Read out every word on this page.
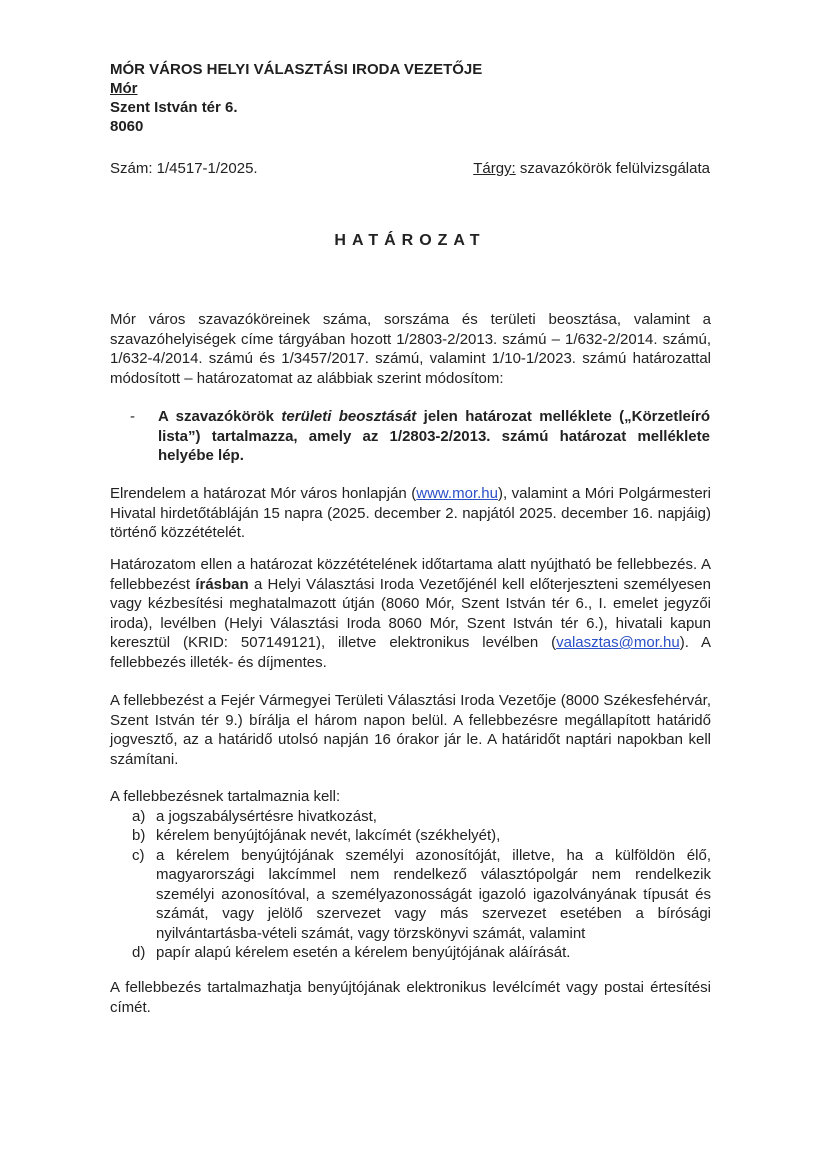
MÓR VÁROS HELYI VÁLASZTÁSI IRODA VEZETŐJE
Mór
Szent István tér 6.
8060
Szám: 1/4517-1/2025.	Tárgy: szavazókörök felülvizsgálata
HATÁROZAT
Mór város szavazóköreinek száma, sorszáma és területi beosztása, valamint a szavazóhelyiségek címe tárgyában hozott 1/2803-2/2013. számú – 1/632-2/2014. számú, 1/632-4/2014. számú és 1/3457/2017. számú, valamint 1/10-1/2023. számú határozattal módosított – határozatomat az alábbiak szerint módosítom:
- A szavazókörök területi beosztását jelen határozat melléklete („Körzetleíró lista”) tartalmazza, amely az 1/2803-2/2013. számú határozat melléklete helyébe lép.
Elrendelem a határozat Mór város honlapján (www.mor.hu), valamint a Móri Polgármesteri Hivatal hirdetőtábláján 15 napra (2025. december 2. napjától 2025. december 16. napjáig) történő közzétételét.
Határozatom ellen a határozat közzétételének időtartama alatt nyújtható be fellebbezés. A fellebbezést írásban a Helyi Választási Iroda Vezetőjénél kell előterjeszteni személyesen vagy kézbesítési meghatalmazott útján (8060 Mór, Szent István tér 6., I. emelet jegyzői iroda), levélben (Helyi Választási Iroda 8060 Mór, Szent István tér 6.), hivatali kapun keresztül (KRID: 507149121), illetve elektronikus levélben (valasztas@mor.hu). A fellebbezés illeték- és díjmentes.
A fellebbezést a Fejér Vármegyei Területi Választási Iroda Vezetője (8000 Székesfehérvár, Szent István tér 9.) bírálja el három napon belül. A fellebbezésre megállapított határidő jogvesztő, az a határidő utolsó napján 16 órakor jár le. A határidőt naptári napokban kell számítani.
A fellebbezésnek tartalmaznia kell:
a) a jogszabálysértésre hivatkozást,
b) kérelem benyújtójának nevét, lakcímét (székhelyét),
c) a kérelem benyújtójának személyi azonosítóját, illetve, ha a külföldön élő, magyarországi lakcímmel nem rendelkező választópolgár nem rendelkezik személyi azonosítóval, a személyazonosságát igazoló igazolványának típusát és számát, vagy jelölő szervezet vagy más szervezet esetében a bírósági nyilvántartásba-vételi számát, vagy törzskönyvi számát, valamint
d) papír alapú kérelem esetén a kérelem benyújtójának aláírását.
A fellebbezés tartalmazhatja benyújtójának elektronikus levélcímét vagy postai értesítési címét.
